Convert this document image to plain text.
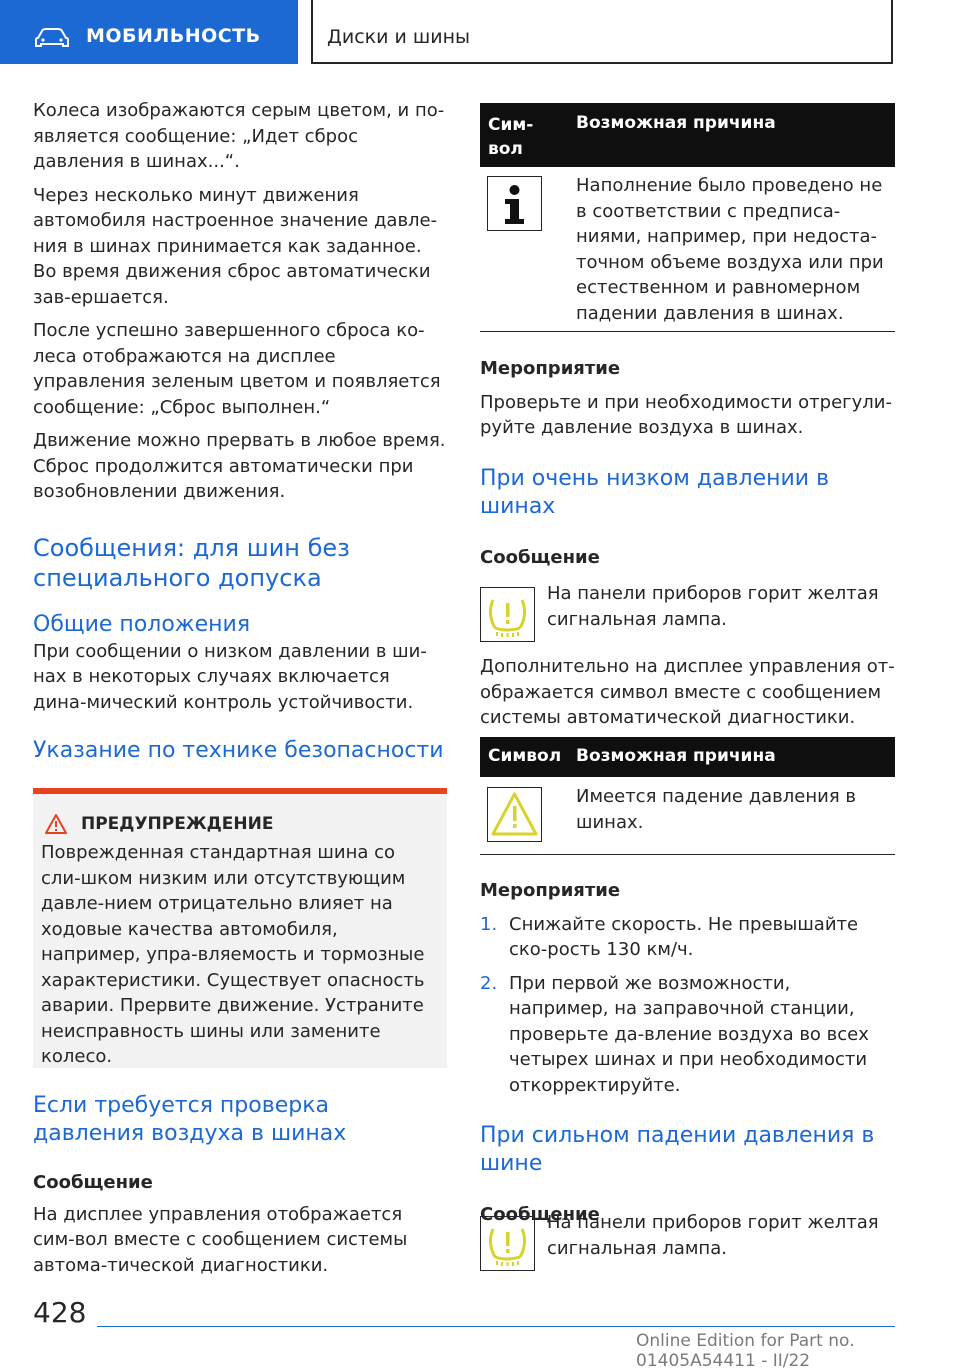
МОБИЛЬНОСТЬ	Диски и шины

Колеса изображаются серым цветом, и по-является сообщение: „Идет сброс давления в шинах...“.

Через несколько минут движения автомобиля настроенное значение давле-ния в шинах принимается как заданное. Во время движения сброс автоматически зав-ершается.

После успешно завершенного сброса ко-леса отображаются на дисплее управления зеленым цветом и появляется сообщение: „Сброс выполнен.“

Движение можно прервать в любое время. Сброс продолжится автоматически при возобновлении движения.

Сообщения: для шин без специального допуска
Общие положения

При сообщении о низком давлении в ши-нах в некоторых случаях включается дина-мический контроль устойчивости.

Указание по технике безопасности
ПРЕДУПРЕЖДЕНИЕ
Поврежденная стандартная шина со сли-шком низким или отсутствующим давле-нием отрицательно влияет на ходовые качества автомобиля, например, упра-вляемость и тормозные характеристики. Существует опасность аварии. Прервите движение. Устраните неисправность шины или замените колесо.
Если требуется проверка давления воздуха в шинах
Сообщение

На дисплее управления отображается сим-вол вместе с сообщением системы автома-тической диагностики.

Сим-вол
Возможная причина
Наполнение было проведено не в соответствии с предписа-ниями, например, при недоста-точном объеме воздуха или при естественном и равномерном падении давления в шинах.
Мероприятие

Проверьте и при необходимости отрегули-руйте давление воздуха в шинах.

При очень низком давлении в шинах
Сообщение
На панели приборов горит желтая сигнальная лампа.
Дополнительно на дисплее управления от-ображается символ вместе с сообщением системы автоматической диагностики.
Символ Возможная причина
Имеется падение давления в шинах.
Мероприятие
1. Снижайте скорость. Не превышайте ско-рость 130 км/ч.
2. При первой же возможности, например, на заправочной станции, проверьте да-вление воздуха во всех четырех шинах и при необходимости откорректируйте.
При сильном падении давления в шине
Сообщение
На панели приборов горит желтая сигнальная лампа.
428
Online Edition for Part no. 01405A54411 - II/22
